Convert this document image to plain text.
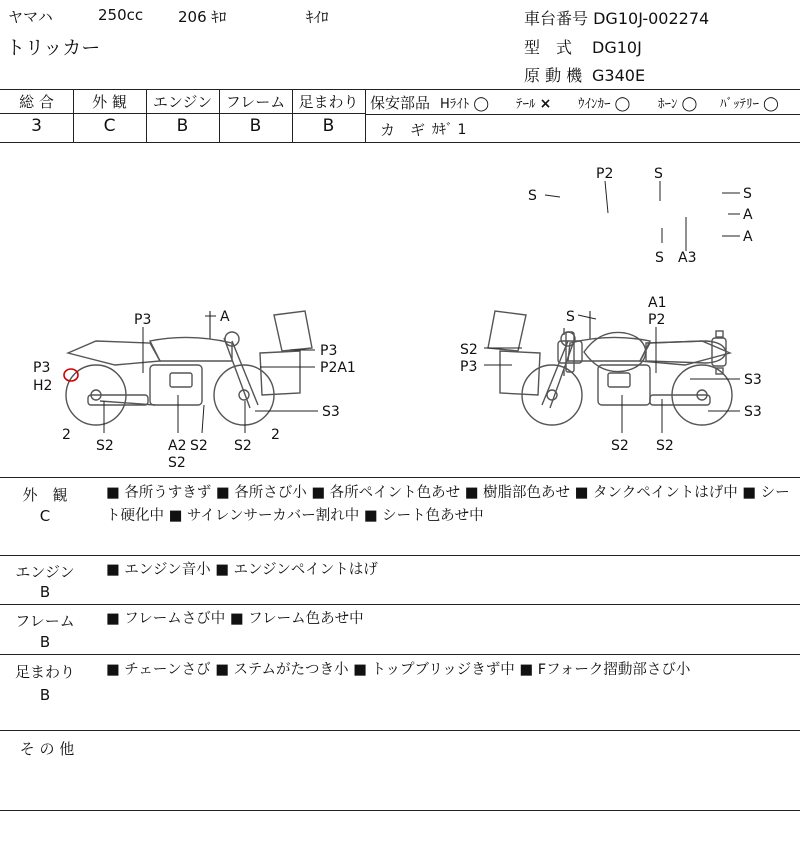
ヤマハ	250cc 206 ｷﾛ	ｷｲﾛ
トリッカー
車台番号 DG10J-002274
型　式 DG10J
原 動 機 G340E
総 合	外 観	エンジン フレーム 足まわり
3	C	B	B	B
保安部品 Hﾗｲﾄ ◯ ﾃｰﾙ × ｳｲﾝｶｰ ◯ ﾎｰﾝ ◯ ﾊﾞｯﾃﾘｰ ◯
カ　ギ ｶｷﾞ 1
P2	S
S	S
A
A
S A3
P3	A
P3
P2A1
P3
H2
S3
2
S2	A2 S2 S2
2
S2
A1
P2
S
S2
P3
S3
S3
S2 S2
外　観
C
■ 各所うすきず ■ 各所さび小 ■ 各所ペイント色あせ ■ 樹脂部色あせ ■ タンクペイントはげ中 ■ シート硬化中 ■ サイレンサーカバー割れ中 ■ シート色あせ中
エンジン
B
■ エンジン音小 ■ エンジンペイントはげ
フレーム
B
■ フレームさび中 ■ フレーム色あせ中
足まわり
B
■ チェーンさび ■ ステムがたつき小 ■ トップブリッジきず中 ■ Fフォーク摺動部さび小
そ の 他
